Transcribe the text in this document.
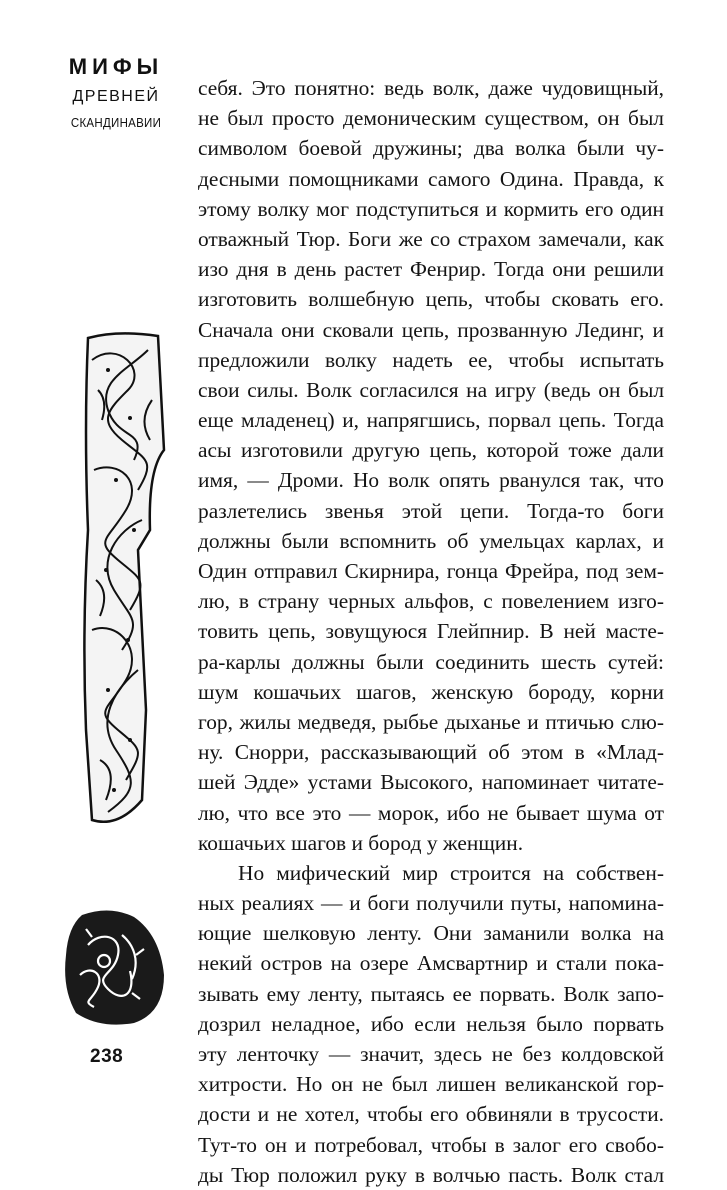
МИФЫ
ДРЕВНЕЙ
СКАНДИНАВИИ
238
себя. Это понятно: ведь волк, даже чудовищный,
не был просто демоническим существом, он был
символом боевой дружины; два волка были чу-
десными помощниками самого Одина. Правда, к
этому волку мог подступиться и кормить его один
отважный Тюр. Боги же со страхом замечали, как
изо дня в день растет Фенрир. Тогда они решили
изготовить волшебную цепь, чтобы сковать его.
Сначала они сковали цепь, прозванную Лединг, и
предложили волку надеть ее, чтобы испытать
свои силы. Волк согласился на игру (ведь он был
еще младенец) и, напрягшись, порвал цепь. Тогда
асы изготовили другую цепь, которой тоже дали
имя, — Дроми. Но волк опять рванулся так, что
разлетелись звенья этой цепи. Тогда-то боги
должны были вспомнить об умельцах карлах, и
Один отправил Скирнира, гонца Фрейра, под зем-
лю, в страну черных альфов, с повелением изго-
товить цепь, зовущуюся Глейпнир. В ней масте-
ра-карлы должны были соединить шесть сутей:
шум кошачьих шагов, женскую бороду, корни
гор, жилы медведя, рыбье дыханье и птичью слю-
ну. Снорри, рассказывающий об этом в «Млад-
шей Эдде» устами Высокого, напоминает читате-
лю, что все это — морок, ибо не бывает шума от
кошачьих шагов и бород у женщин.
Но мифический мир строится на собствен-
ных реалиях — и боги получили путы, напомина-
ющие шелковую ленту. Они заманили волка на
некий остров на озере Амсвартнир и стали пока-
зывать ему ленту, пытаясь ее порвать. Волк запо-
дозрил неладное, ибо если нельзя было порвать
эту ленточку — значит, здесь не без колдовской
хитрости. Но он не был лишен великанской гор-
дости и не хотел, чтобы его обвиняли в трусости.
Тут-то он и потребовал, чтобы в залог его свобо-
ды Тюр положил руку в волчью пасть. Волк стал
